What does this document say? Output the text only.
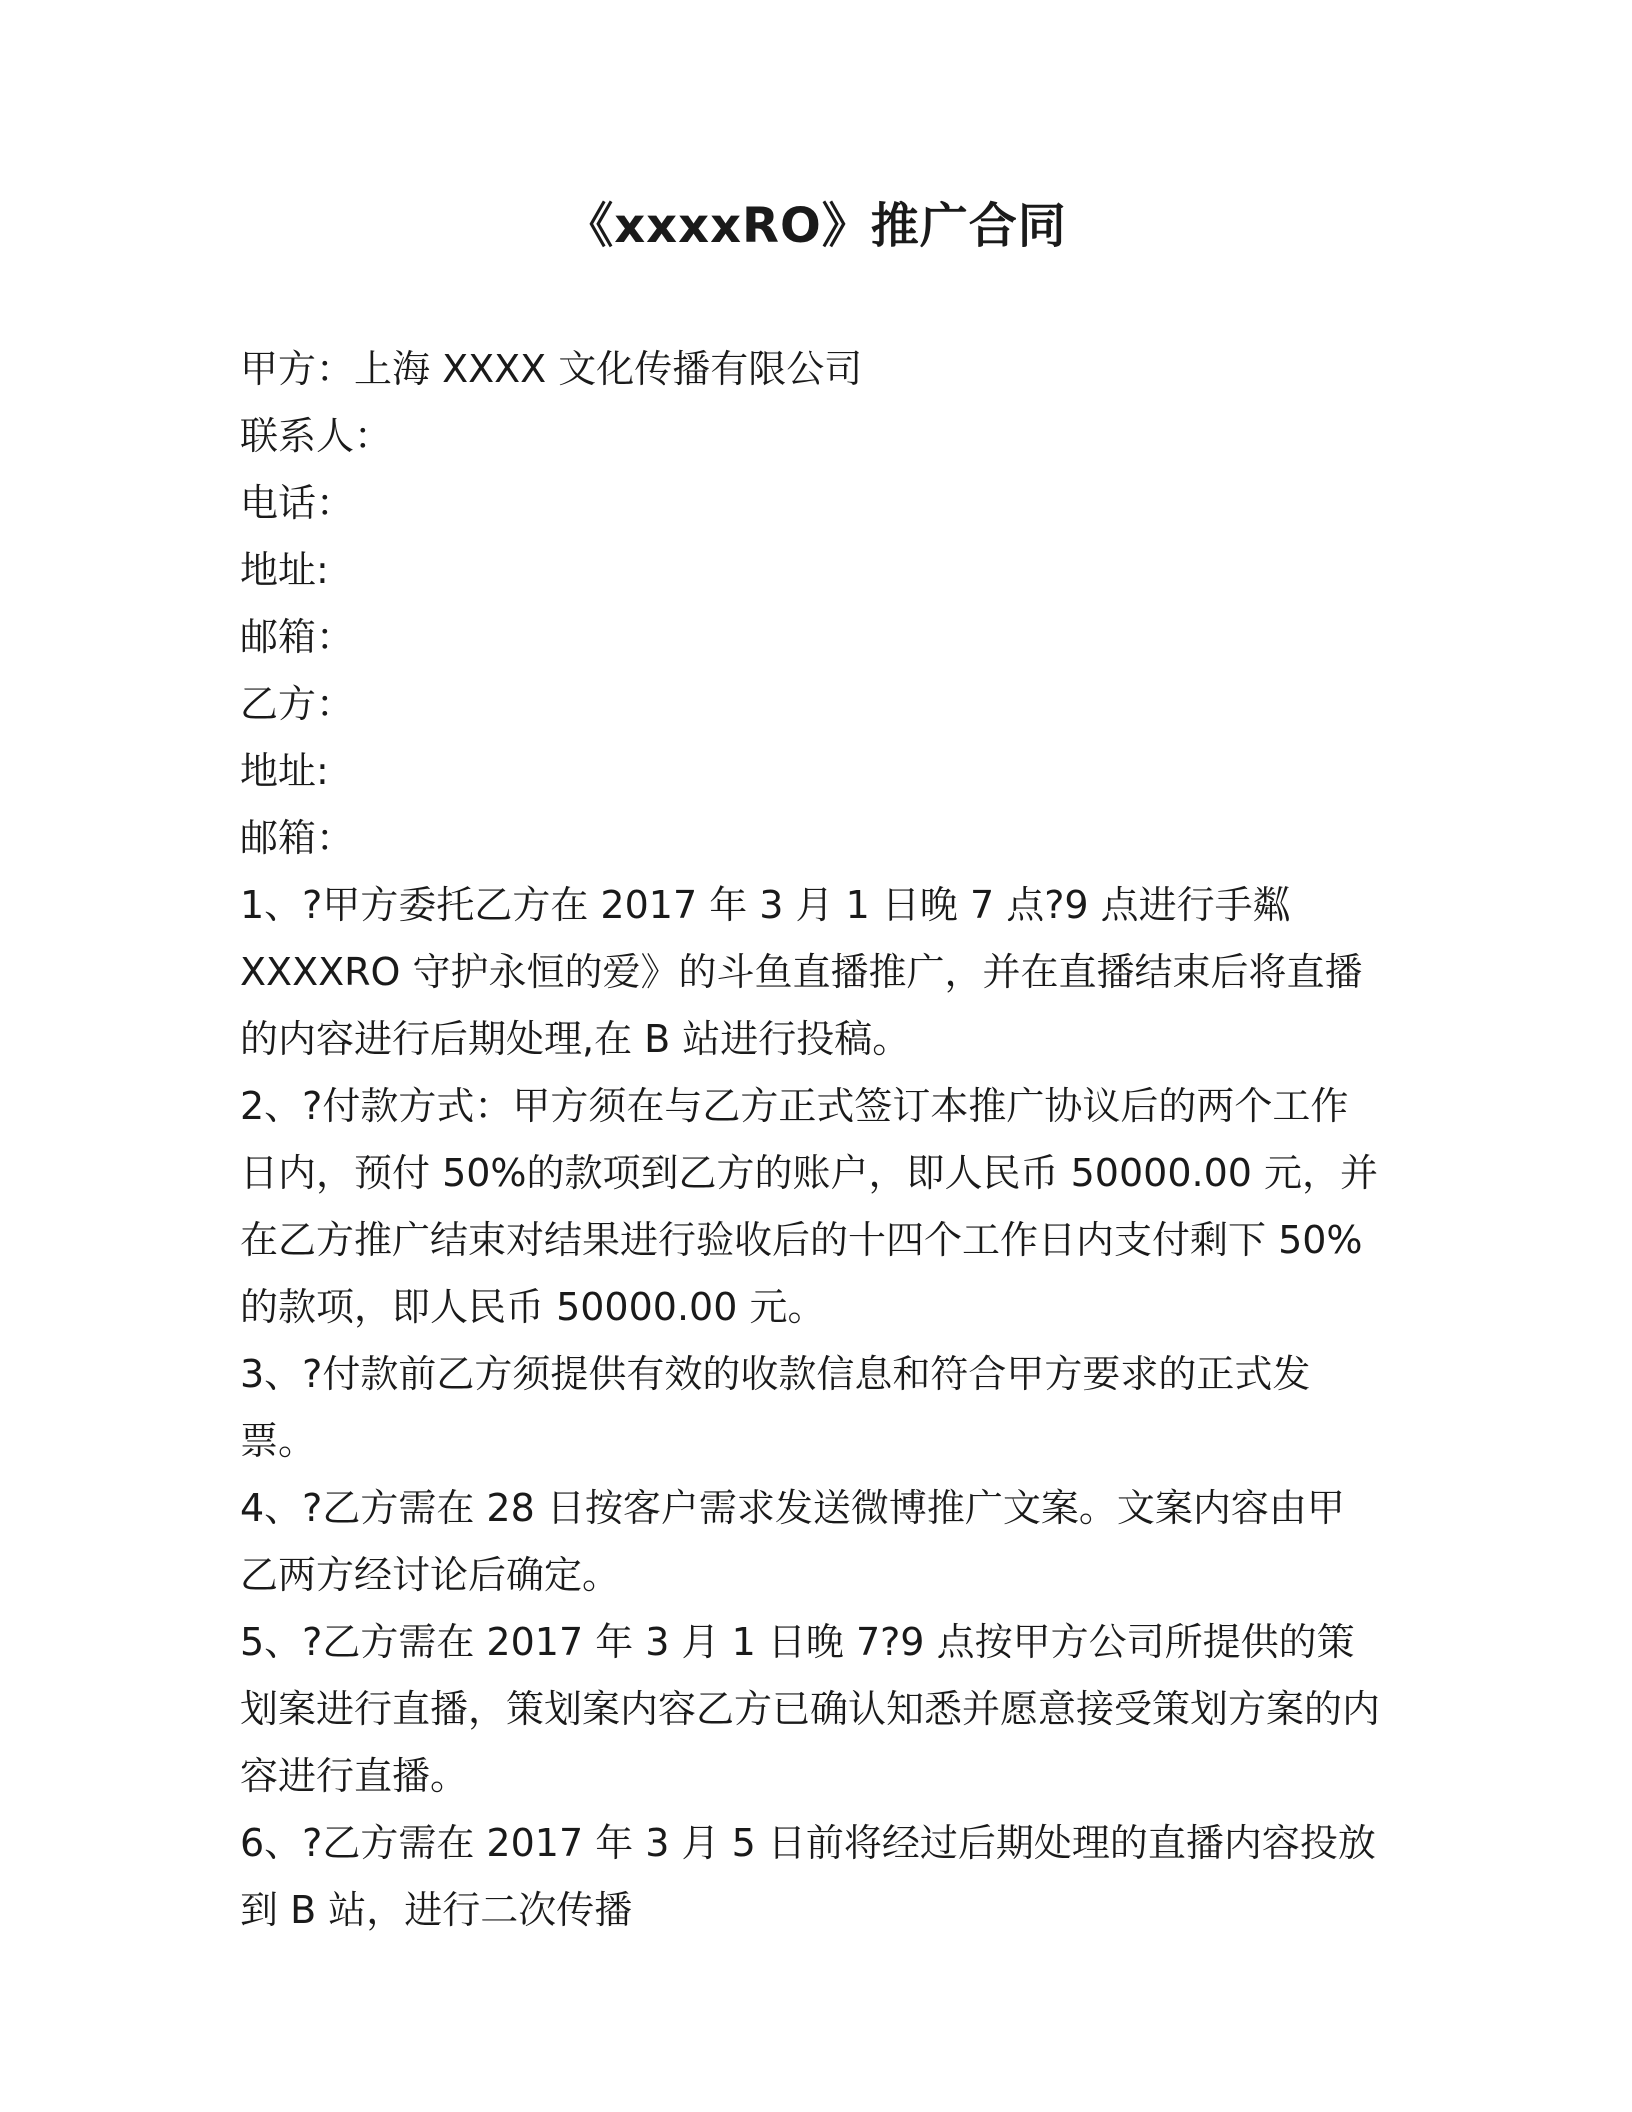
《xxxxRO》推广合同

甲方：上海 XXXX 文化传播有限公司

联系人：

电话：

地址:

邮箱：

乙方：

地址:

邮箱：

1、?甲方委托乙方在 2017 年 3 月 1 日晚 7 点?9 点进行手粼 XXXXRO 守护永恒的爱》的斗鱼直播推广，并在直播结束后将直播的内容进行后期处理,在 B 站进行投稿。

2、?付款方式：甲方须在与乙方正式签订本推广协议后的两个工作日内，预付 50%的款项到乙方的账户，即人民币 50000.00 元，并在乙方推广结束对结果进行验收后的十四个工作日内支付剩下 50%的款项，即人民币 50000.00 元。

3、?付款前乙方须提供有效的收款信息和符合甲方要求的正式发票。

4、?乙方需在 28 日按客户需求发送微博推广文案。文案内容由甲乙两方经讨论后确定。

5、?乙方需在 2017 年 3 月 1 日晚 7?9 点按甲方公司所提供的策划案进行直播，策划案内容乙方已确认知悉并愿意接受策划方案的内容进行直播。

6、?乙方需在 2017 年 3 月 5 日前将经过后期处理的直播内容投放到 B 站，进行二次传播
